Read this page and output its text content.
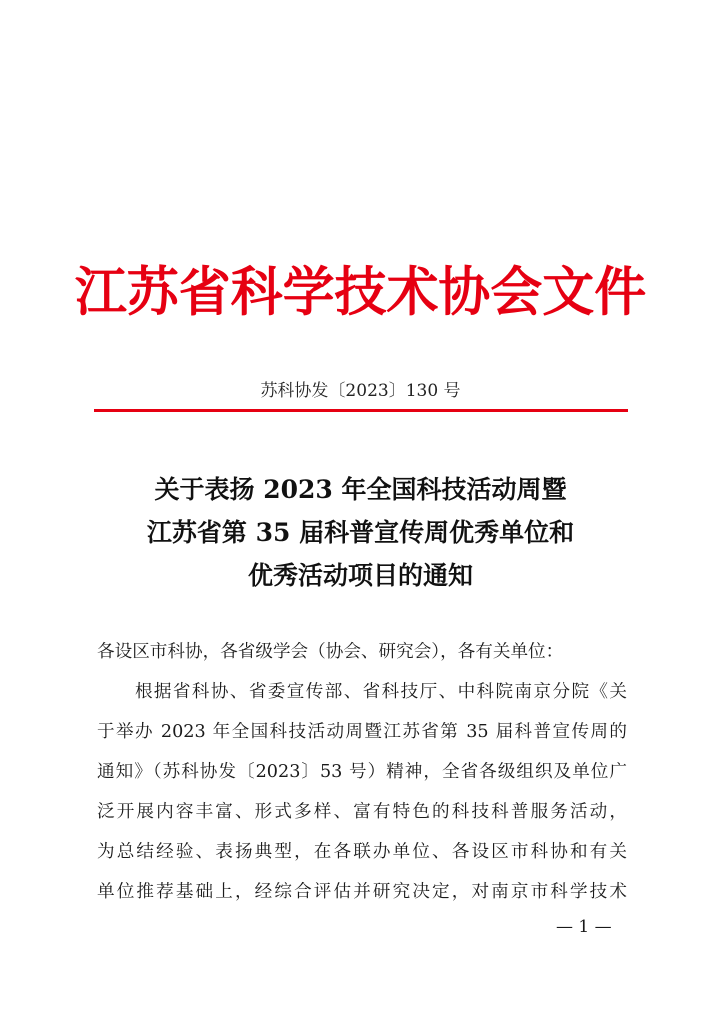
江苏省科学技术协会文件
苏科协发〔2023〕130 号
关于表扬 2023 年全国科技活动周暨
江苏省第 35 届科普宣传周优秀单位和
优秀活动项目的通知
各设区市科协，各省级学会（协会、研究会），各有关单位：
　　根据省科协、省委宣传部、省科技厅、中科院南京分院《关
于举办 2023 年全国科技活动周暨江苏省第 35 届科普宣传周的
通知》（苏科协发〔2023〕53 号）精神，全省各级组织及单位广
泛开展内容丰富、形式多样、富有特色的科技科普服务活动，
为总结经验、表扬典型，在各联办单位、各设区市科协和有关
单位推荐基础上，经综合评估并研究决定，对南京市科学技术
— 1 —
